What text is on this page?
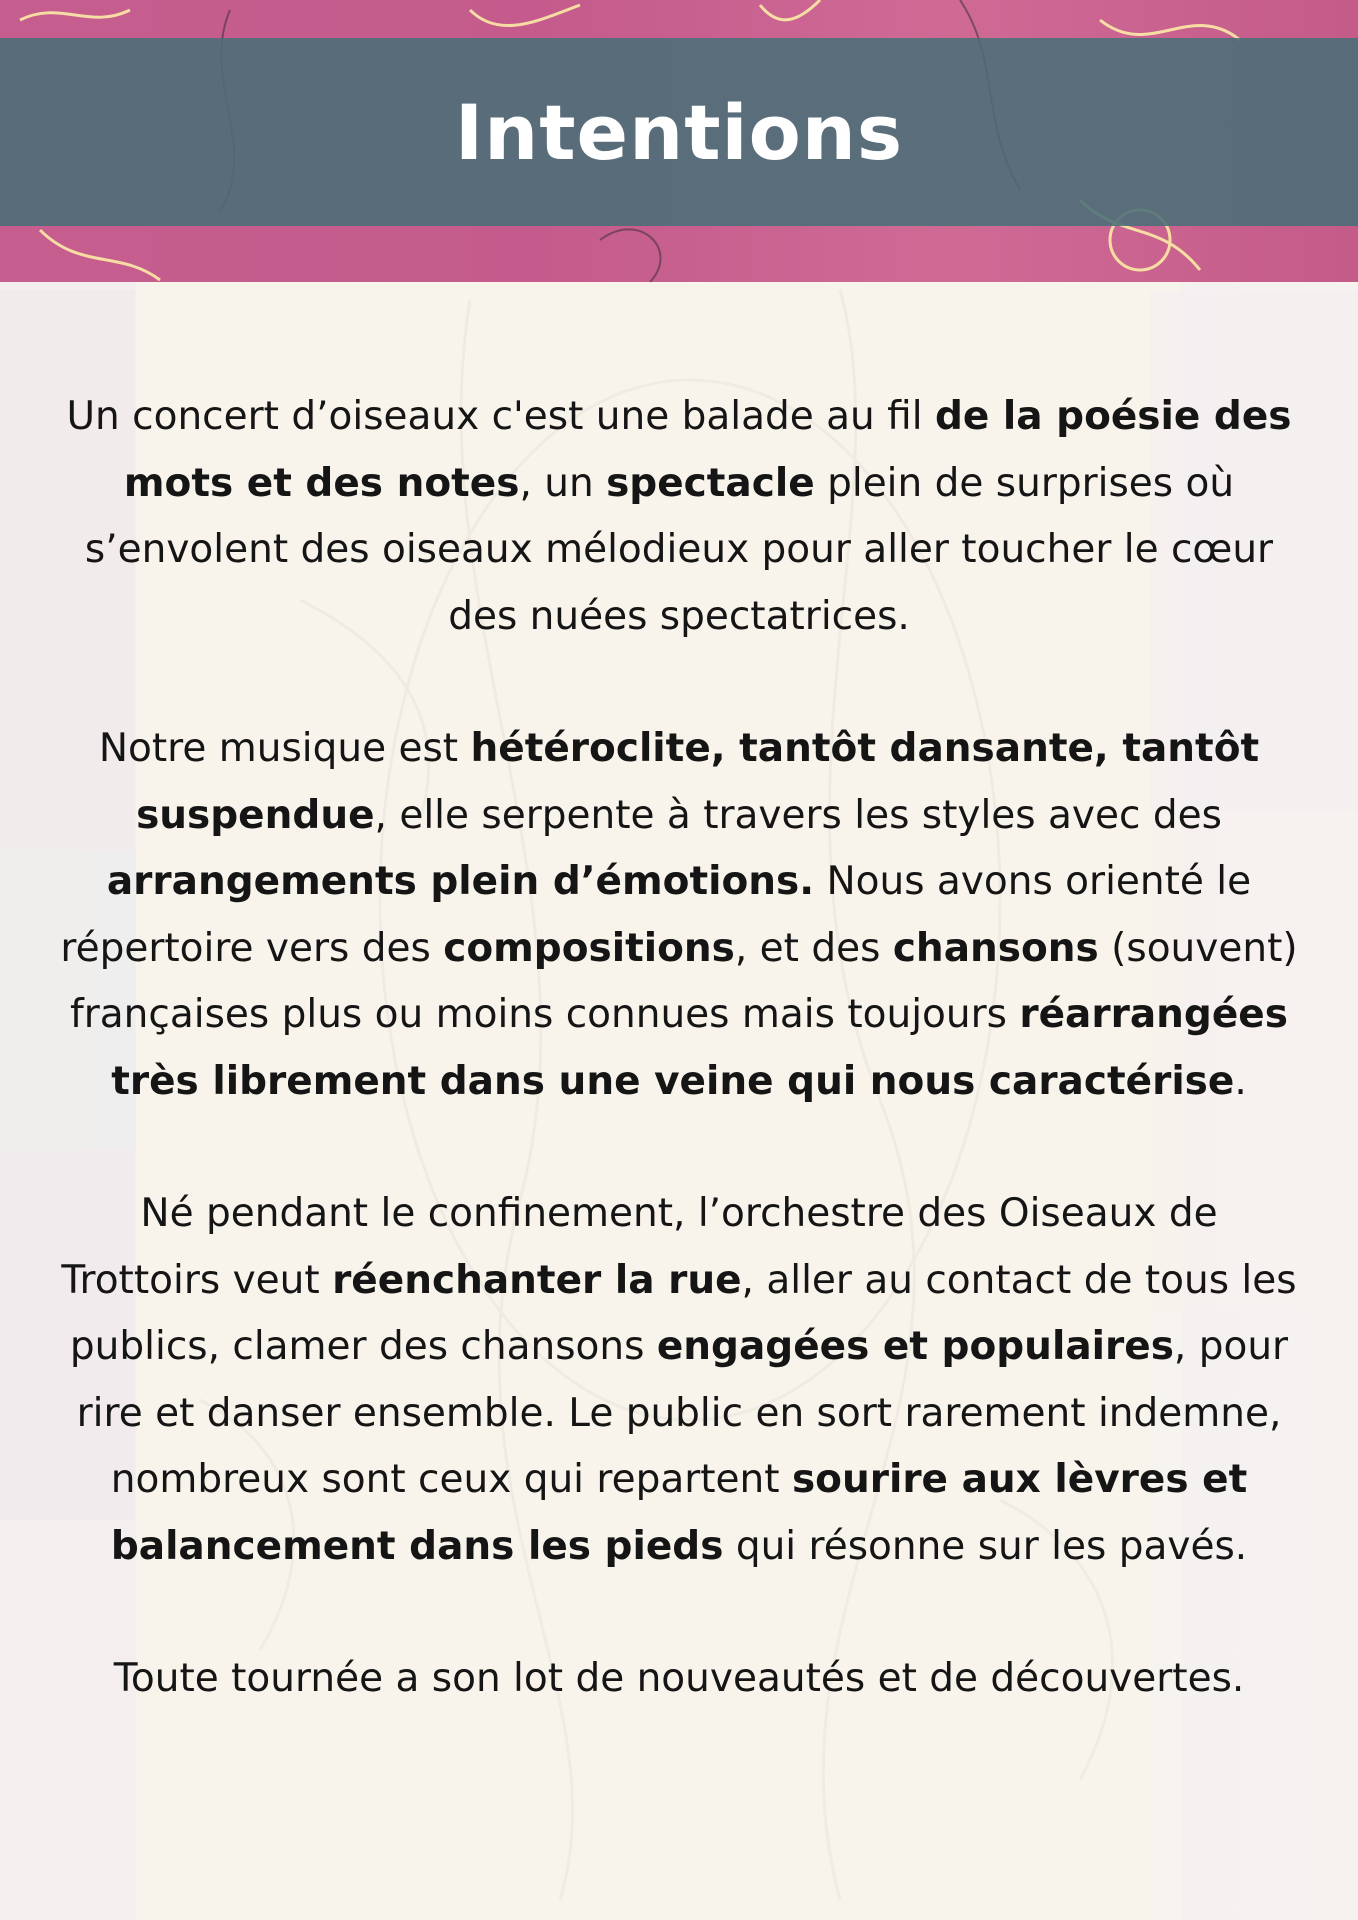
Intentions

Un concert d’oiseaux c'est une balade au fil de la poésie des mots et des notes, un spectacle plein de surprises où s’envolent des oiseaux mélodieux pour aller toucher le cœur des nuées spectatrices.

Notre musique est hétéroclite, tantôt dansante, tantôt suspendue, elle serpente à travers les styles avec des arrangements plein d’émotions. Nous avons orienté le répertoire vers des compositions, et des chansons (souvent) françaises plus ou moins connues mais toujours réarrangées très librement dans une veine qui nous caractérise.

Né pendant le confinement, l’orchestre des Oiseaux de Trottoirs veut réenchanter la rue, aller au contact de tous les publics, clamer des chansons engagées et populaires, pour rire et danser ensemble. Le public en sort rarement indemne, nombreux sont ceux qui repartent sourire aux lèvres et balancement dans les pieds qui résonne sur les pavés.

Toute tournée a son lot de nouveautés et de découvertes.
